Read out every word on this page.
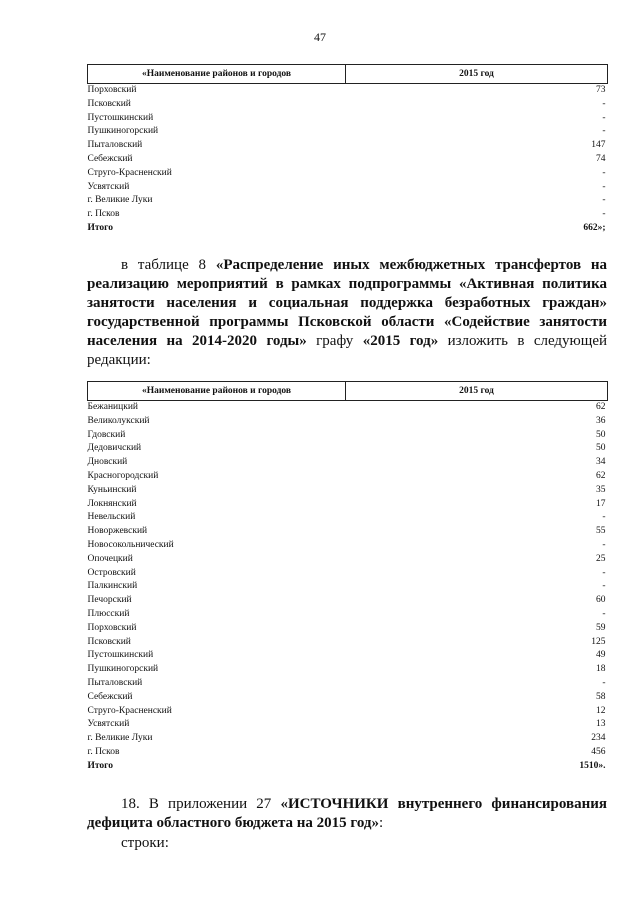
47
«Наименование районов и городов	2015 год
Порховский	73
Псковский	-
Пустошкинский	-
Пушкиногорский	-
Пыталовский	147
Себежский	74
Струго-Красненский	-
Усвятский	-
г. Великие Луки	-
г. Псков	-
Итого	662»;
в таблице 8 «Распределение иных межбюджетных трансфертов на реализацию мероприятий в рамках подпрограммы «Активная политика занятости населения и социальная поддержка безработных граждан» государственной программы Псковской области «Содействие занятости населения на 2014-2020 годы» графу «2015 год» изложить в следующей редакции:
«Наименование районов и городов	2015 год
Бежаницкий	62
Великолукский	36
Гдовский	50
Дедовичский	50
Дновский	34
Красногородский	62
Куньинский	35
Локнянский	17
Невельский	-
Новоржевский	55
Новосокольнический	-
Опочецкий	25
Островский	-
Палкинский	-
Печорский	60
Плюсский	-
Порховский	59
Псковский	125
Пустошкинский	49
Пушкиногорский	18
Пыталовский	-
Себежский	58
Струго-Красненский	12
Усвятский	13
г. Великие Луки	234
г. Псков	456
Итого	1510».
18. В приложении 27 «ИСТОЧНИКИ внутреннего финансирования дефицита областного бюджета на 2015 год»:
строки:
